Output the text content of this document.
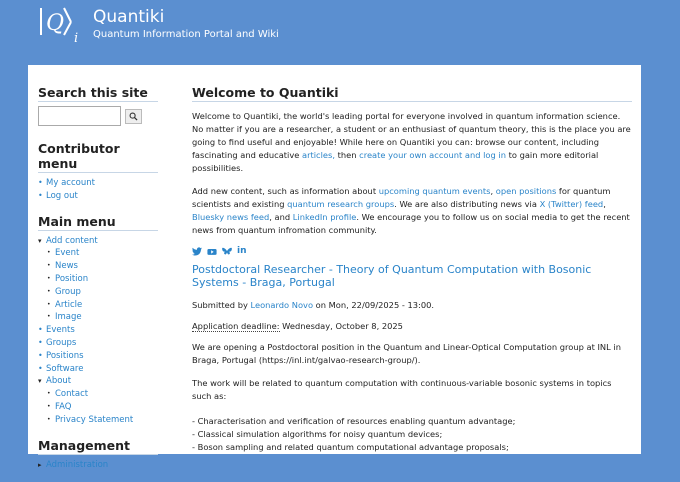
Q
i
Quantiki
Quantum Information Portal and Wiki
Search this site
Contributor menu
• My account
• Log out
Main menu
▾ Add content
• Event
• News
• Position
• Group
• Article
• Image
• Events
• Groups
• Positions
• Software
▾ About
• Contact
• FAQ
• Privacy Statement
Management
▸ Administration
Welcome to Quantiki

Welcome to Quantiki, the world's leading portal for everyone involved in quantum information science. No matter if you are a researcher, a student or an enthusiast of quantum theory, this is the place you are going to find useful and enjoyable! While here on Quantiki you can: browse our content, including fascinating and educative articles, then create your own account and log in to gain more editorial possibilities.

Add new content, such as information about upcoming quantum events, open positions for quantum scientists and existing quantum research groups. We are also distributing news via X (Twitter) feed, Bluesky news feed, and LinkedIn profile. We encourage you to follow us on social media to get the recent news from quantum infromation community.

in
Postdoctoral Researcher - Theory of Quantum Computation with Bosonic Systems - Braga, Portugal

Submitted by Leonardo Novo on Mon, 22/09/2025 - 13:00.

Application deadline: Wednesday, October 8, 2025

We are opening a Postdoctoral position in the Quantum and Linear-Optical Computation group at INL in Braga, Portugal (https://inl.int/galvao-research-group/).

The work will be related to quantum computation with continuous-variable bosonic systems in topics such as:

- Characterisation and verification of resources enabling quantum advantage;
- Classical simulation algorithms for noisy quantum devices;
- Boson sampling and related quantum computational advantage proposals;
